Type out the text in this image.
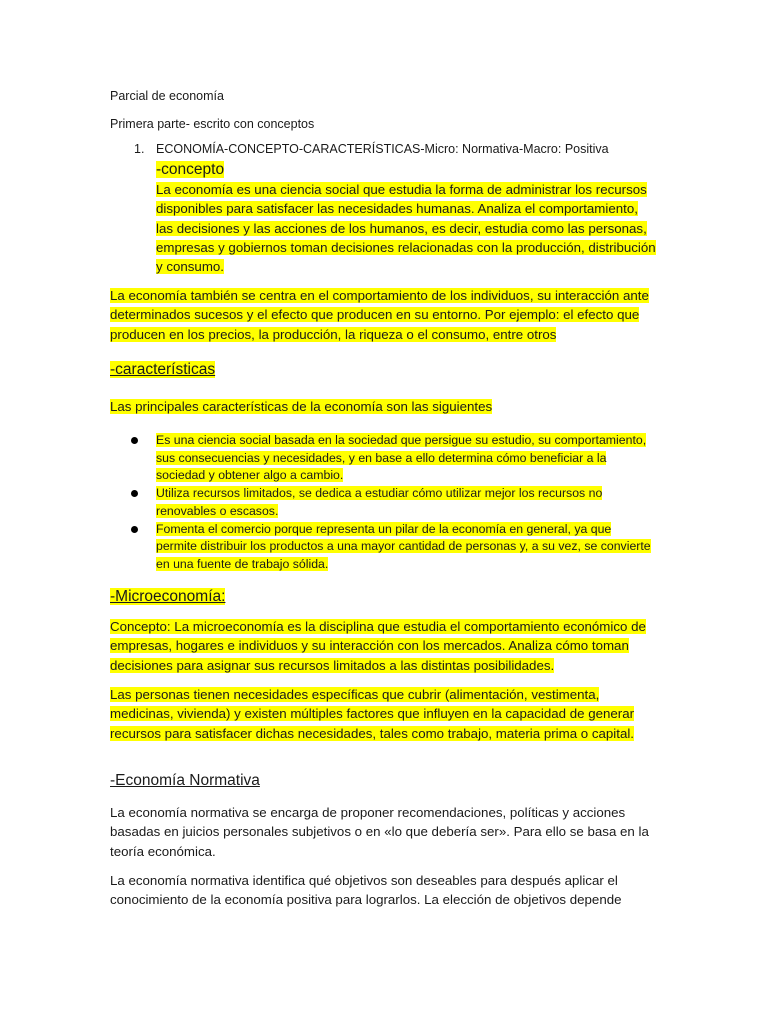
Parcial de economía

Primera parte- escrito con conceptos

1. ECONOMÍA-CONCEPTO-CARACTERÍSTICAS-Micro: Normativa-Macro: Positiva
-concepto
La economía es una ciencia social que estudia la forma de administrar los recursos disponibles para satisfacer las necesidades humanas. Analiza el comportamiento, las decisiones y las acciones de los humanos, es decir, estudia como las personas, empresas y gobiernos toman decisiones relacionadas con la producción, distribución y consumo.

La economía también se centra en el comportamiento de los individuos, su interacción ante determinados sucesos y el efecto que producen en su entorno. Por ejemplo: el efecto que producen en los precios, la producción, la riqueza o el consumo, entre otros

-características

Las principales características de la economía son las siguientes

Es una ciencia social basada en la sociedad que persigue su estudio, su comportamiento, sus consecuencias y necesidades, y en base a ello determina cómo beneficiar a la sociedad y obtener algo a cambio.
Utiliza recursos limitados, se dedica a estudiar cómo utilizar mejor los recursos no renovables o escasos.
Fomenta el comercio porque representa un pilar de la economía en general, ya que permite distribuir los productos a una mayor cantidad de personas y, a su vez, se convierte en una fuente de trabajo sólida.

-Microeconomía:

Concepto: La microeconomía es la disciplina que estudia el comportamiento económico de empresas, hogares e individuos y su interacción con los mercados. Analiza cómo toman decisiones para asignar sus recursos limitados a las distintas posibilidades.

Las personas tienen necesidades específicas que cubrir (alimentación, vestimenta, medicinas, vivienda) y existen múltiples factores que influyen en la capacidad de generar recursos para satisfacer dichas necesidades, tales como trabajo, materia prima o capital.

-Economía Normativa

La economía normativa se encarga de proponer recomendaciones, políticas y acciones basadas en juicios personales subjetivos o en «lo que debería ser». Para ello se basa en la teoría económica.

La economía normativa identifica qué objetivos son deseables para después aplicar el conocimiento de la economía positiva para lograrlos. La elección de objetivos depende
